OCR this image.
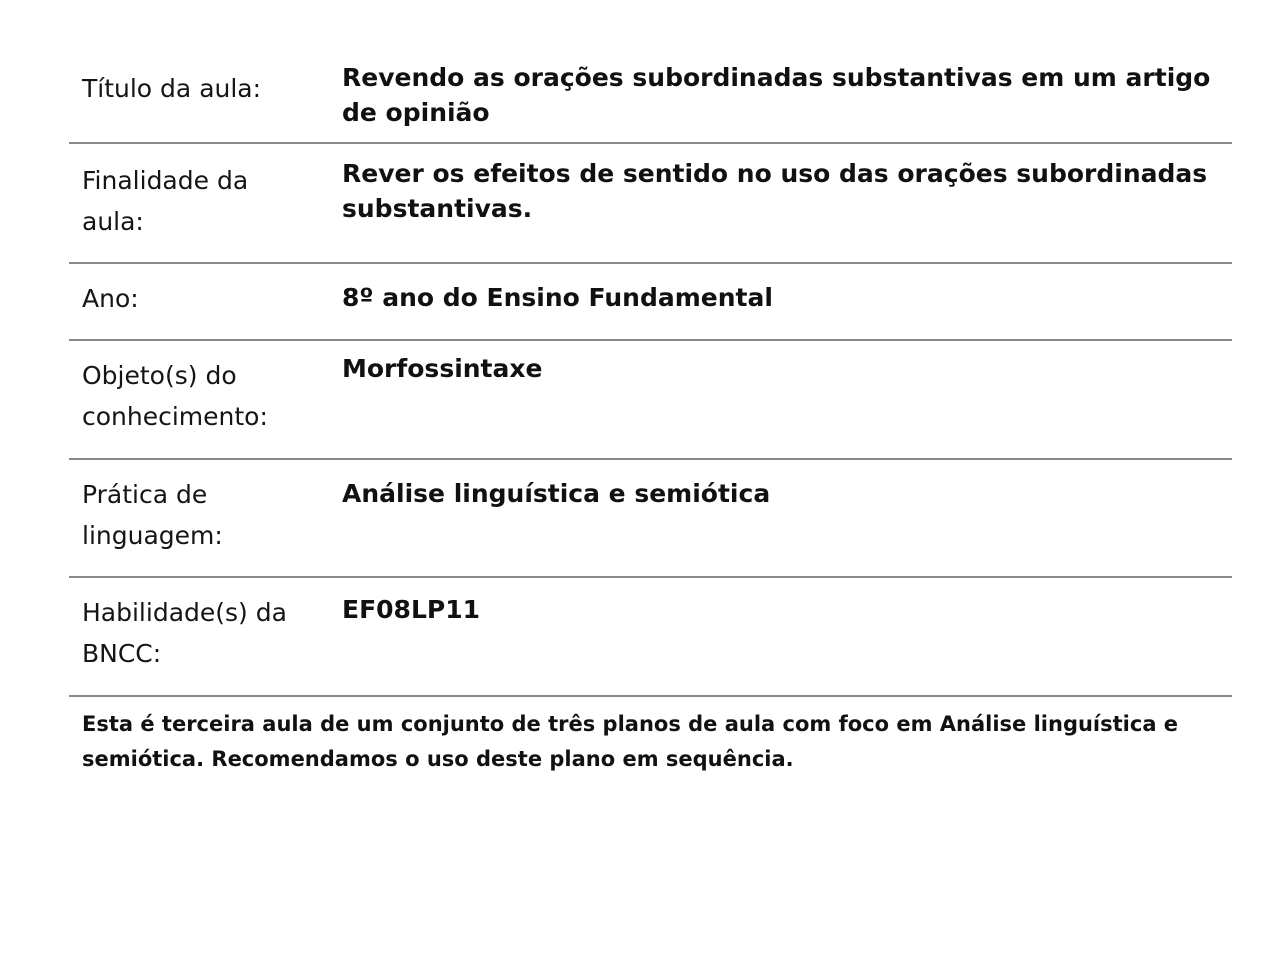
Título da aula:	Revendo as orações subordinadas substantivas em um artigo de opinião
Finalidade da aula:	Rever os efeitos de sentido no uso das orações subordinadas substantivas.
Ano:	8º ano do Ensino Fundamental
Objeto(s) do conhecimento:	Morfossintaxe
Prática de linguagem:	Análise linguística e semiótica
Habilidade(s) da BNCC:	EF08LP11

Esta é terceira aula de um conjunto de três planos de aula com foco em Análise linguística e semiótica. Recomendamos o uso deste plano em sequência.
